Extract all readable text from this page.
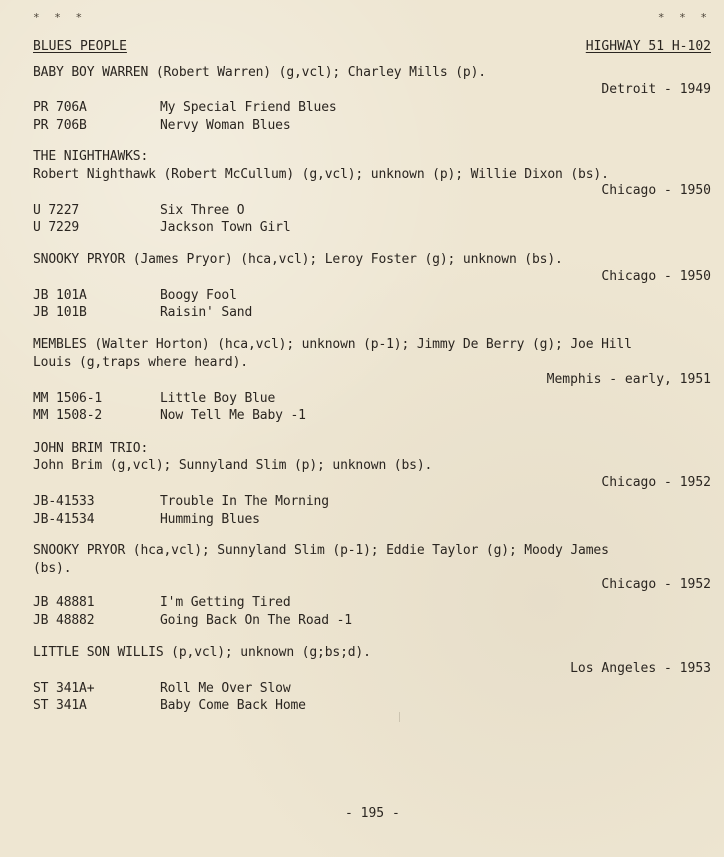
* * *	* * *
BLUES PEOPLE	HIGHWAY 51 H-102
BABY BOY WARREN (Robert Warren) (g,vcl); Charley Mills (p).
Detroit - 1949
PR 706A	My Special Friend Blues
PR 706B	Nervy Woman Blues
THE NIGHTHAWKS:
Robert Nighthawk (Robert McCullum) (g,vcl); unknown (p); Willie Dixon (bs).
Chicago - 1950
U 7227	Six Three O
U 7229	Jackson Town Girl
SNOOKY PRYOR (James Pryor) (hca,vcl); Leroy Foster (g); unknown (bs).
Chicago - 1950
JB 101A	Boogy Fool
JB 101B	Raisin' Sand
MEMBLES (Walter Horton) (hca,vcl); unknown (p-1); Jimmy De Berry (g); Joe Hill
Louis (g,traps where heard).
Memphis - early, 1951
MM 1506-1	Little Boy Blue
MM 1508-2	Now Tell Me Baby -1
JOHN BRIM TRIO:
John Brim (g,vcl); Sunnyland Slim (p); unknown (bs).
Chicago - 1952
JB-41533	Trouble In The Morning
JB-41534	Humming Blues
SNOOKY PRYOR (hca,vcl); Sunnyland Slim (p-1); Eddie Taylor (g); Moody James
(bs).
Chicago - 1952
JB 48881	I'm Getting Tired
JB 48882	Going Back On The Road -1
LITTLE SON WILLIS (p,vcl); unknown (g;bs;d).
Los Angeles - 1953
ST 341A+	Roll Me Over Slow
ST 341A	Baby Come Back Home
- 195 -
